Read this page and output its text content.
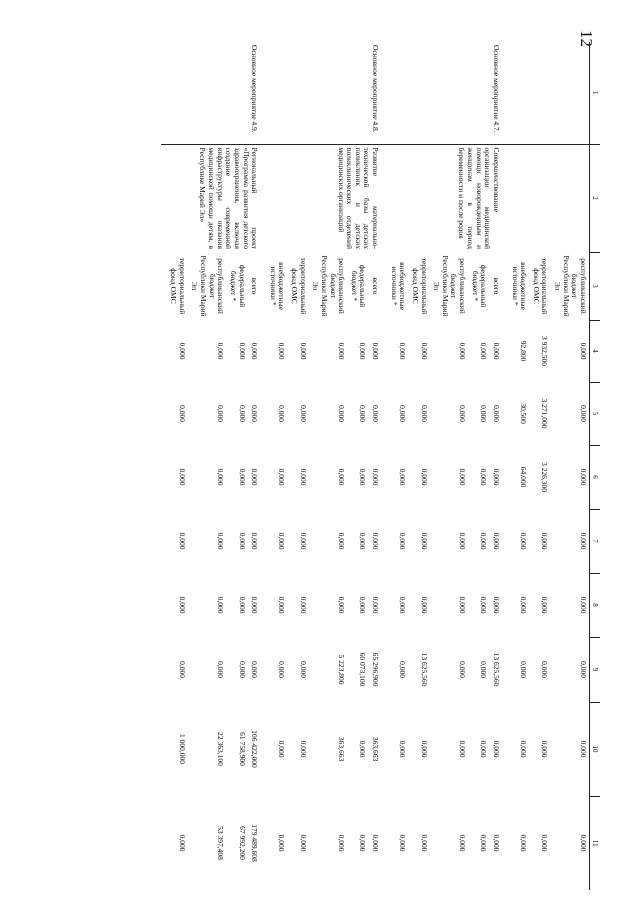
12
1	2	3	4	5	6	7	8	9	10	11
		республиканский бюджет Республики Марий Эл	0,000	0,000	0,000	0,000	0,000	0,000	0,000	0,000
		территориальный фонд ОМС	3 932,500	3 271,000	3 226,300	0,000	0,000	0,000	0,000	0,000
		внебюджетные источники *	92,800	30,500	64,000	0,000	0,000	0,000	0,000	0,000

Основное мероприятие 4.7.	Совершенствование организации медицинской помощи новорожденным и женщинам в период беременности и после родов	всего	0,000	0,000	0,000	0,000	0,000	13 625,560	0,000	0,000
		федеральный бюджет *	0,000	0,000	0,000	0,000	0,000	0,000	0,000	0,000
		республиканский бюджет Республики Марий Эл	0,000	0,000	0,000	0,000	0,000	0,000	0,000	0,000
		территориальный фонд ОМС	0,000	0,000	0,000	0,000	0,000	13 625,560	0,000	0,000
		внебюджетные источники *	0,000	0,000	0,000	0,000	0,000	0,000	0,000	0,000

Основное мероприятие 4.8.	Развитие материально-технической базы детских поликлиник и детских поликлинических отделений медицинских организаций	всего	0,000	0,000	0,000	0,000	0,000	65 296,900	363,663	0,000
		федеральный бюджет *	0,000	0,000	0,000	0,000	0,000	60 073,100	0,000	0,000
		республиканский бюджет Республики Марий Эл	0,000	0,000	0,000	0,000	0,000	5 223,800	363,663	0,000
		территориальный фонд ОМС	0,000	0,000	0,000	0,000	0,000	0,000	0,000	0,000
		внебюджетные источники *	0,000	0,000	0,000	0,000	0,000	0,000	0,000	0,000

Основное мероприятие 4.9.	Региональный проект «Программа развития детского здравоохранения, включая создание современной инфраструктуры оказания медицинской помощи детям, в Республике Марий Эл»	всего	0,000	0,000	0,000	0,000	0,000	0,000	106 422,000	179 489,608
		федеральный бюджет *	0,000	0,000	0,000	0,000	0,000	0,000	61 758,900	67 992,200
		республиканский бюджет Республики Марий Эл	0,000	0,000	0,000	0,000	0,000	0,000	22 363,100	53 397,408
		территориальный фонд ОМС	0,000	0,000	0,000	0,000	0,000	0,000	1 000,000	0,000
